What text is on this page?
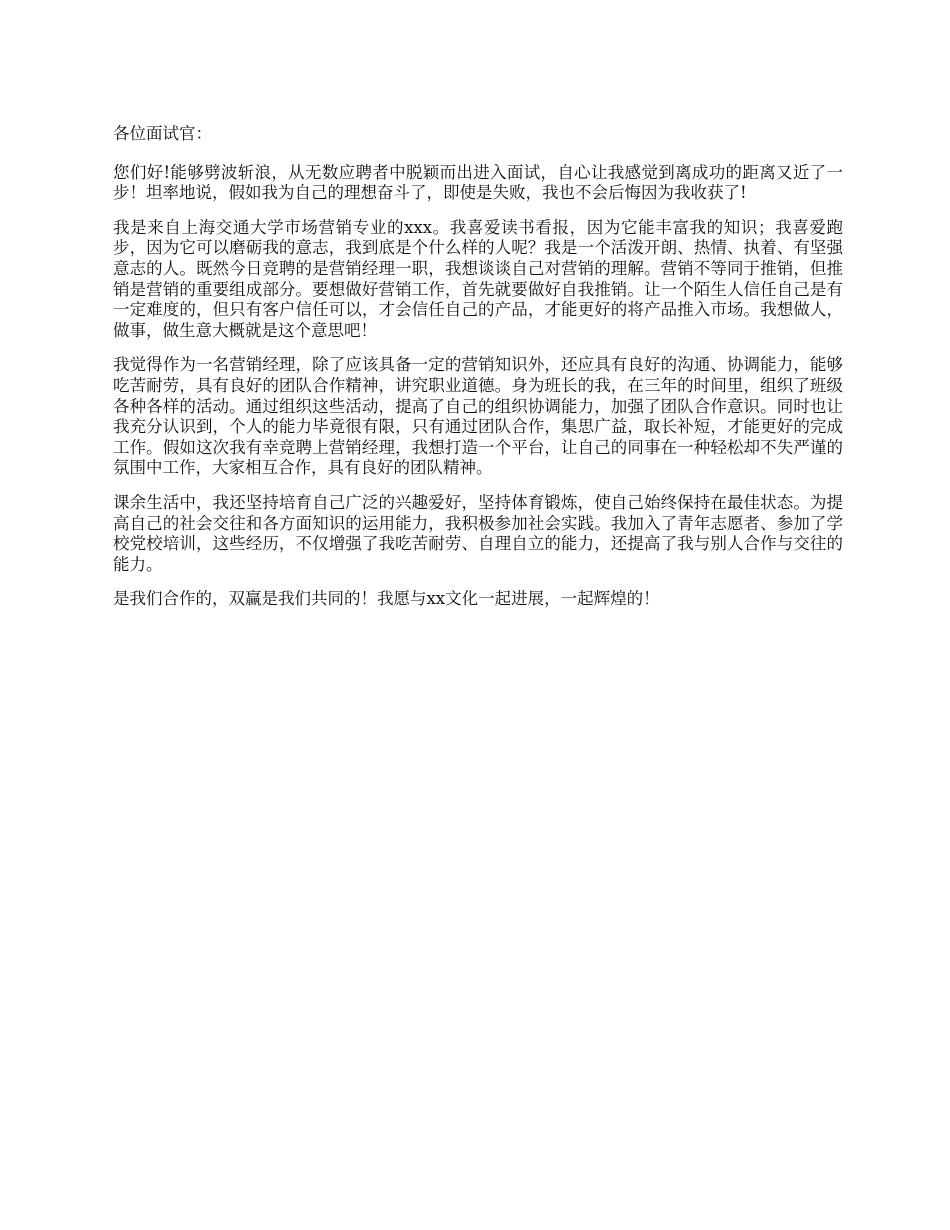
各位面试官：

您们好!能够劈波斩浪，从无数应聘者中脱颖而出进入面试，自心让我感觉到离成功的距离又近了一步！坦率地说，假如我为自己的理想奋斗了，即使是失败，我也不会后悔因为我收获了!

我是来自上海交通大学市场营销专业的xxx。我喜爱读书看报，因为它能丰富我的知识；我喜爱跑步，因为它可以磨砺我的意志，我到底是个什么样的人呢？我是一个活泼开朗、热情、执着、有坚强意志的人。既然今日竞聘的是营销经理一职，我想谈谈自己对营销的理解。营销不等同于推销，但推销是营销的重要组成部分。要想做好营销工作，首先就要做好自我推销。让一个陌生人信任自己是有一定难度的，但只有客户信任可以，才会信任自己的产品，才能更好的将产品推入市场。我想做人，做事，做生意大概就是这个意思吧！

我觉得作为一名营销经理，除了应该具备一定的营销知识外，还应具有良好的沟通、协调能力，能够吃苦耐劳，具有良好的团队合作精神，讲究职业道德。身为班长的我，在三年的时间里，组织了班级各种各样的活动。通过组织这些活动，提高了自己的组织协调能力，加强了团队合作意识。同时也让我充分认识到，个人的能力毕竟很有限，只有通过团队合作，集思广益，取长补短，才能更好的完成工作。假如这次我有幸竞聘上营销经理，我想打造一个平台，让自己的同事在一种轻松却不失严谨的氛围中工作，大家相互合作，具有良好的团队精神。

课余生活中，我还坚持培育自己广泛的兴趣爱好，坚持体育锻炼，使自己始终保持在最佳状态。为提高自己的社会交往和各方面知识的运用能力，我积极参加社会实践。我加入了青年志愿者、参加了学校党校培训，这些经历，不仅增强了我吃苦耐劳、自理自立的能力，还提高了我与别人合作与交往的能力。

是我们合作的，双赢是我们共同的！我愿与xx文化一起进展，一起辉煌的！
